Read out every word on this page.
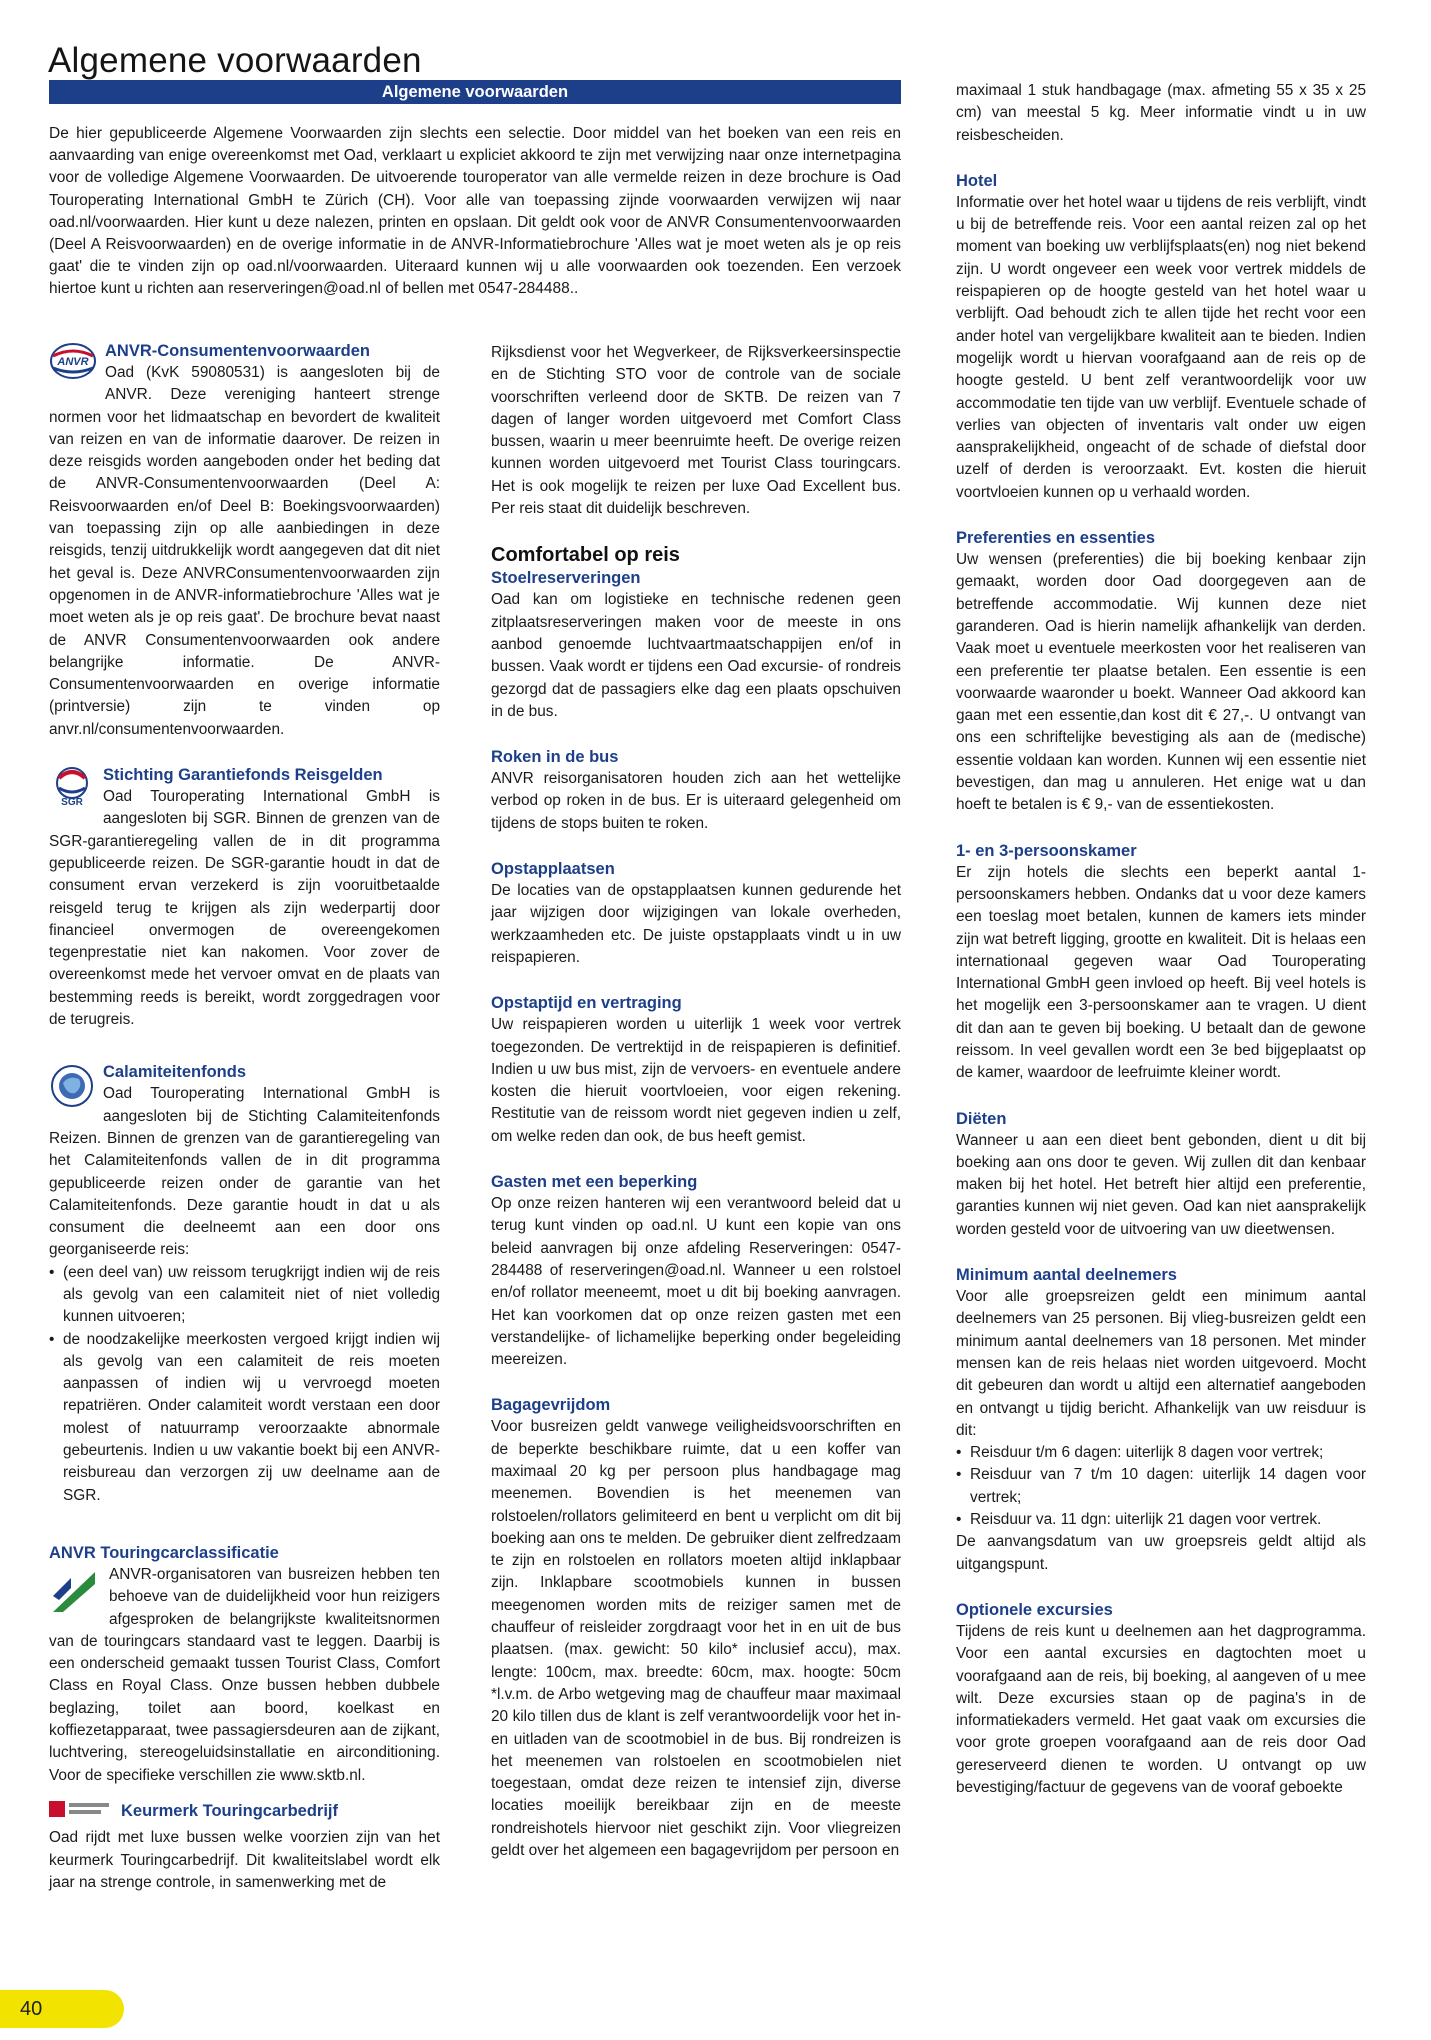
Algemene voorwaarden
Algemene voorwaarden

De hier gepubliceerde Algemene Voorwaarden zijn slechts een selectie. Door middel van het boeken van een reis en aanvaarding van enige overeenkomst met Oad, verklaart u expliciet akkoord te zijn met verwijzing naar onze internetpagina voor de volledige Algemene Voorwaarden. De uitvoerende touroperator van alle vermelde reizen in deze brochure is Oad Touroperating International GmbH te Zürich (CH). Voor alle van toepassing zijnde voorwaarden verwijzen wij naar oad.nl/voorwaarden. Hier kunt u deze nalezen, printen en opslaan. Dit geldt ook voor de ANVR Consumentenvoorwaarden (Deel A Reisvoorwaarden) en de overige informatie in de ANVR-Informatiebrochure 'Alles wat je moet weten als je op reis gaat' die te vinden zijn op oad.nl/voorwaarden. Uiteraard kunnen wij u alle voorwaarden ook toezenden. Een verzoek hiertoe kunt u richten aan reserveringen@oad.nl of bellen met 0547-284488..

ANVR
ANVR-Consumentenvoorwaarden

Oad (KvK 59080531) is aangesloten bij de ANVR. Deze vereniging hanteert strenge normen voor het lidmaatschap en bevordert de kwaliteit van reizen en van de informatie daarover. De reizen in deze reisgids worden aangeboden onder het beding dat de ANVR-Consumentenvoorwaarden (Deel A: Reisvoorwaarden en/of Deel B: Boekingsvoorwaarden) van toepassing zijn op alle aanbiedingen in deze reisgids, tenzij uitdrukkelijk wordt aangegeven dat dit niet het geval is. Deze ANVRConsumentenvoorwaarden zijn opgenomen in de ANVR-informatiebrochure 'Alles wat je moet weten als je op reis gaat'. De brochure bevat naast de ANVR Consumentenvoorwaarden ook andere belangrijke informatie. De ANVR-Consumentenvoorwaarden en overige informatie (printversie) zijn te vinden op anvr.nl/consumentenvoorwaarden.

SGR
Stichting Garantiefonds Reisgelden

Oad Touroperating International GmbH is aangesloten bij SGR. Binnen de grenzen van de SGR-garantieregeling vallen de in dit programma gepubliceerde reizen. De SGR-garantie houdt in dat de consument ervan verzekerd is zijn vooruitbetaalde reisgeld terug te krijgen als zijn wederpartij door financieel onvermogen de overeengekomen tegenprestatie niet kan nakomen. Voor zover de overeenkomst mede het vervoer omvat en de plaats van bestemming reeds is bereikt, wordt zorggedragen voor de terugreis.

Calamiteitenfonds

Oad Touroperating International GmbH is aangesloten bij de Stichting Calamiteitenfonds Reizen. Binnen de grenzen van de garantieregeling van het Calamiteitenfonds vallen de in dit programma gepubliceerde reizen onder de garantie van het Calamiteitenfonds. Deze garantie houdt in dat u als consument die deelneemt aan een door ons georganiseerde reis:

• (een deel van) uw reissom terugkrijgt indien wij de reis als gevolg van een calamiteit niet of niet volledig kunnen uitvoeren;
• de noodzakelijke meerkosten vergoed krijgt indien wij als gevolg van een calamiteit de reis moeten aanpassen of indien wij u vervroegd moeten repatriëren. Onder calamiteit wordt verstaan een door molest of natuurramp veroorzaakte abnormale gebeurtenis. Indien u uw vakantie boekt bij een ANVR-reisbureau dan verzorgen zij uw deelname aan de SGR.
ANVR Touringcarclassificatie

ANVR-organisatoren van busreizen hebben ten behoeve van de duidelijkheid voor hun reizigers afgesproken de belangrijkste kwaliteitsnormen van de touringcars standaard vast te leggen. Daarbij is een onderscheid gemaakt tussen Tourist Class, Comfort Class en Royal Class. Onze bussen hebben dubbele beglazing, toilet aan boord, koelkast en koffiezetapparaat, twee passagiersdeuren aan de zijkant, luchtvering, stereogeluidsinstallatie en airconditioning. Voor de specifieke verschillen zie www.sktb.nl.

Keurmerk Touringcarbedrijf

Oad rijdt met luxe bussen welke voorzien zijn van het keurmerk Touringcarbedrijf. Dit kwaliteitslabel wordt elk jaar na strenge controle, in samenwerking met de

Rijksdienst voor het Wegverkeer, de Rijksverkeersinspectie en de Stichting STO voor de controle van de sociale voorschriften verleend door de SKTB. De reizen van 7 dagen of langer worden uitgevoerd met Comfort Class bussen, waarin u meer beenruimte heeft. De overige reizen kunnen worden uitgevoerd met Tourist Class touringcars. Het is ook mogelijk te reizen per luxe Oad Excellent bus. Per reis staat dit duidelijk beschreven.

Comfortabel op reis
Stoelreserveringen

Oad kan om logistieke en technische redenen geen zitplaatsreserveringen maken voor de meeste in ons aanbod genoemde luchtvaartmaatschappijen en/of in bussen. Vaak wordt er tijdens een Oad excursie- of rondreis gezorgd dat de passagiers elke dag een plaats opschuiven in de bus.

Roken in de bus

ANVR reisorganisatoren houden zich aan het wettelijke verbod op roken in de bus. Er is uiteraard gelegenheid om tijdens de stops buiten te roken.

Opstapplaatsen

De locaties van de opstapplaatsen kunnen gedurende het jaar wijzigen door wijzigingen van lokale overheden, werkzaamheden etc. De juiste opstapplaats vindt u in uw reispapieren.

Opstaptijd en vertraging

Uw reispapieren worden u uiterlijk 1 week voor vertrek toegezonden. De vertrektijd in de reispapieren is definitief. Indien u uw bus mist, zijn de vervoers- en eventuele andere kosten die hieruit voortvloeien, voor eigen rekening. Restitutie van de reissom wordt niet gegeven indien u zelf, om welke reden dan ook, de bus heeft gemist.

Gasten met een beperking

Op onze reizen hanteren wij een verantwoord beleid dat u terug kunt vinden op oad.nl. U kunt een kopie van ons beleid aanvragen bij onze afdeling Reserveringen: 0547-284488 of reserveringen@oad.nl. Wanneer u een rolstoel en/of rollator meeneemt, moet u dit bij boeking aanvragen. Het kan voorkomen dat op onze reizen gasten met een verstandelijke- of lichamelijke beperking onder begeleiding meereizen.

Bagagevrijdom

Voor busreizen geldt vanwege veiligheidsvoorschriften en de beperkte beschikbare ruimte, dat u een koffer van maximaal 20 kg per persoon plus handbagage mag meenemen. Bovendien is het meenemen van rolstoelen/rollators gelimiteerd en bent u verplicht om dit bij boeking aan ons te melden. De gebruiker dient zelfredzaam te zijn en rolstoelen en rollators moeten altijd inklapbaar zijn. Inklapbare scootmobiels kunnen in bussen meegenomen worden mits de reiziger samen met de chauffeur of reisleider zorgdraagt voor het in en uit de bus plaatsen. (max. gewicht: 50 kilo* inclusief accu), max. lengte: 100cm, max. breedte: 60cm, max. hoogte: 50cm *l.v.m. de Arbo wetgeving mag de chauffeur maar maximaal 20 kilo tillen dus de klant is zelf verantwoordelijk voor het in- en uitladen van de scootmobiel in de bus. Bij rondreizen is het meenemen van rolstoelen en scootmobielen niet toegestaan, omdat deze reizen te intensief zijn, diverse locaties moeilijk bereikbaar zijn en de meeste rondreishotels hiervoor niet geschikt zijn. Voor vliegreizen geldt over het algemeen een bagagevrijdom per persoon en

maximaal 1 stuk handbagage (max. afmeting 55 x 35 x 25 cm) van meestal 5 kg. Meer informatie vindt u in uw reisbescheiden.

Hotel

Informatie over het hotel waar u tijdens de reis verblijft, vindt u bij de betreffende reis. Voor een aantal reizen zal op het moment van boeking uw verblijfsplaats(en) nog niet bekend zijn. U wordt ongeveer een week voor vertrek middels de reispapieren op de hoogte gesteld van het hotel waar u verblijft. Oad behoudt zich te allen tijde het recht voor een ander hotel van vergelijkbare kwaliteit aan te bieden. Indien mogelijk wordt u hiervan voorafgaand aan de reis op de hoogte gesteld. U bent zelf verantwoordelijk voor uw accommodatie ten tijde van uw verblijf. Eventuele schade of verlies van objecten of inventaris valt onder uw eigen aansprakelijkheid, ongeacht of de schade of diefstal door uzelf of derden is veroorzaakt. Evt. kosten die hieruit voortvloeien kunnen op u verhaald worden.

Preferenties en essenties

Uw wensen (preferenties) die bij boeking kenbaar zijn gemaakt, worden door Oad doorgegeven aan de betreffende accommodatie. Wij kunnen deze niet garanderen. Oad is hierin namelijk afhankelijk van derden. Vaak moet u eventuele meerkosten voor het realiseren van een preferentie ter plaatse betalen. Een essentie is een voorwaarde waaronder u boekt. Wanneer Oad akkoord kan gaan met een essentie,dan kost dit € 27,-. U ontvangt van ons een schriftelijke bevestiging als aan de (medische) essentie voldaan kan worden. Kunnen wij een essentie niet bevestigen, dan mag u annuleren. Het enige wat u dan hoeft te betalen is € 9,- van de essentiekosten.

1- en 3-persoonskamer

Er zijn hotels die slechts een beperkt aantal 1-persoonskamers hebben. Ondanks dat u voor deze kamers een toeslag moet betalen, kunnen de kamers iets minder zijn wat betreft ligging, grootte en kwaliteit. Dit is helaas een internationaal gegeven waar Oad Touroperating International GmbH geen invloed op heeft. Bij veel hotels is het mogelijk een 3-persoonskamer aan te vragen. U dient dit dan aan te geven bij boeking. U betaalt dan de gewone reissom. In veel gevallen wordt een 3e bed bijgeplaatst op de kamer, waardoor de leefruimte kleiner wordt.

Diëten

Wanneer u aan een dieet bent gebonden, dient u dit bij boeking aan ons door te geven. Wij zullen dit dan kenbaar maken bij het hotel. Het betreft hier altijd een preferentie, garanties kunnen wij niet geven. Oad kan niet aansprakelijk worden gesteld voor de uitvoering van uw dieetwensen.

Minimum aantal deelnemers

Voor alle groepsreizen geldt een minimum aantal deelnemers van 25 personen. Bij vlieg-busreizen geldt een minimum aantal deelnemers van 18 personen. Met minder mensen kan de reis helaas niet worden uitgevoerd. Mocht dit gebeuren dan wordt u altijd een alternatief aangeboden en ontvangt u tijdig bericht. Afhankelijk van uw reisduur is dit:

• Reisduur t/m 6 dagen: uiterlijk 8 dagen voor vertrek;
• Reisduur van 7 t/m 10 dagen: uiterlijk 14 dagen voor vertrek;
• Reisduur va. 11 dgn: uiterlijk 21 dagen voor vertrek.

De aanvangsdatum van uw groepsreis geldt altijd als uitgangspunt.

Optionele excursies

Tijdens de reis kunt u deelnemen aan het dagprogramma. Voor een aantal excursies en dagtochten moet u voorafgaand aan de reis, bij boeking, al aangeven of u mee wilt. Deze excursies staan op de pagina's in de informatiekaders vermeld. Het gaat vaak om excursies die voor grote groepen voorafgaand aan de reis door Oad gereserveerd dienen te worden. U ontvangt op uw bevestiging/factuur de gegevens van de vooraf geboekte

40
